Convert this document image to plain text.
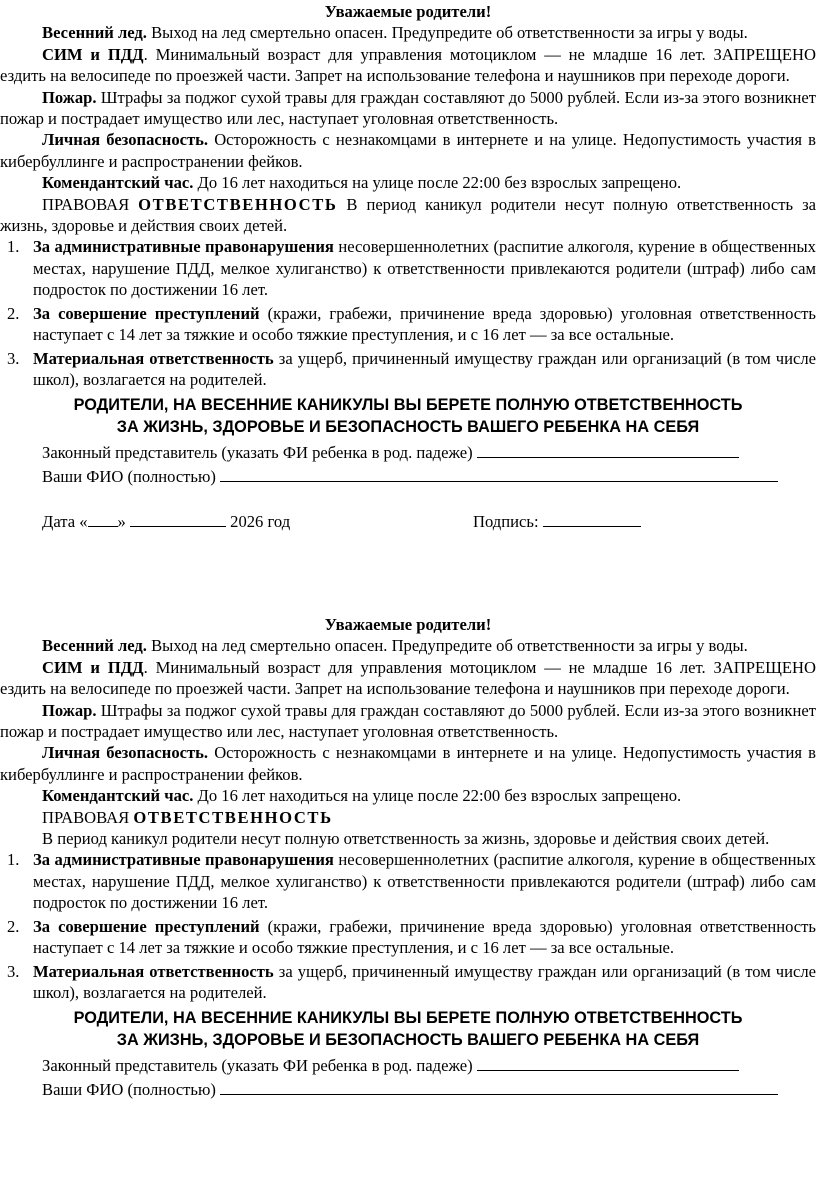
Уважаемые родители!

Весенний лед. Выход на лед смертельно опасен. Предупредите об ответственности за игры у воды.

СИМ и ПДД. Минимальный возраст для управления мотоциклом — не младше 16 лет. ЗАПРЕЩЕНО ездить на велосипеде по проезжей части. Запрет на использование телефона и наушников при переходе дороги.

Пожар. Штрафы за поджог сухой травы для граждан составляют до 5000 рублей. Если из-за этого возникнет пожар и пострадает имущество или лес, наступает уголовная ответственность.

Личная безопасность. Осторожность с незнакомцами в интернете и на улице. Недопустимость участия в кибербуллинге и распространении фейков.

Комендантский час. До 16 лет находиться на улице после 22:00 без взрослых запрещено.

ПРАВОВАЯ ОТВЕТСТВЕННОСТЬ В период каникул родители несут полную ответственность за жизнь, здоровье и действия своих детей.

1. За административные правонарушения несовершеннолетних (распитие алкоголя, курение в общественных местах, нарушение ПДД, мелкое хулиганство) к ответственности привлекаются родители (штраф) либо сам подросток по достижении 16 лет.
2. За совершение преступлений (кражи, грабежи, причинение вреда здоровью) уголовная ответственность наступает с 14 лет за тяжкие и особо тяжкие преступления, и с 16 лет — за все остальные.
3. Материальная ответственность за ущерб, причиненный имуществу граждан или организаций (в том числе школ), возлагается на родителей.
РОДИТЕЛИ, НА ВЕСЕННИЕ КАНИКУЛЫ ВЫ БЕРЕТЕ ПОЛНУЮ ОТВЕТСТВЕННОСТЬ
ЗА ЖИЗНЬ, ЗДОРОВЬЕ И БЕЗОПАСНОСТЬ ВАШЕГО РЕБЕНКА НА СЕБЯ

Законный представитель (указать ФИ ребенка в род. падеже)

Ваши ФИО (полностью)

Дата « »	2026 год	Подпись:

Уважаемые родители!

Весенний лед. Выход на лед смертельно опасен. Предупредите об ответственности за игры у воды.

СИМ и ПДД. Минимальный возраст для управления мотоциклом — не младше 16 лет. ЗАПРЕЩЕНО ездить на велосипеде по проезжей части. Запрет на использование телефона и наушников при переходе дороги.

Пожар. Штрафы за поджог сухой травы для граждан составляют до 5000 рублей. Если из-за этого возникнет пожар и пострадает имущество или лес, наступает уголовная ответственность.

Личная безопасность. Осторожность с незнакомцами в интернете и на улице. Недопустимость участия в кибербуллинге и распространении фейков.

Комендантский час. До 16 лет находиться на улице после 22:00 без взрослых запрещено.

ПРАВОВАЯ ОТВЕТСТВЕННОСТЬ

В период каникул родители несут полную ответственность за жизнь, здоровье и действия своих детей.

1. За административные правонарушения несовершеннолетних (распитие алкоголя, курение в общественных местах, нарушение ПДД, мелкое хулиганство) к ответственности привлекаются родители (штраф) либо сам подросток по достижении 16 лет.
2. За совершение преступлений (кражи, грабежи, причинение вреда здоровью) уголовная ответственность наступает с 14 лет за тяжкие и особо тяжкие преступления, и с 16 лет — за все остальные.
3. Материальная ответственность за ущерб, причиненный имуществу граждан или организаций (в том числе школ), возлагается на родителей.
РОДИТЕЛИ, НА ВЕСЕННИЕ КАНИКУЛЫ ВЫ БЕРЕТЕ ПОЛНУЮ ОТВЕТСТВЕННОСТЬ
ЗА ЖИЗНЬ, ЗДОРОВЬЕ И БЕЗОПАСНОСТЬ ВАШЕГО РЕБЕНКА НА СЕБЯ

Законный представитель (указать ФИ ребенка в род. падеже)

Ваши ФИО (полностью)
